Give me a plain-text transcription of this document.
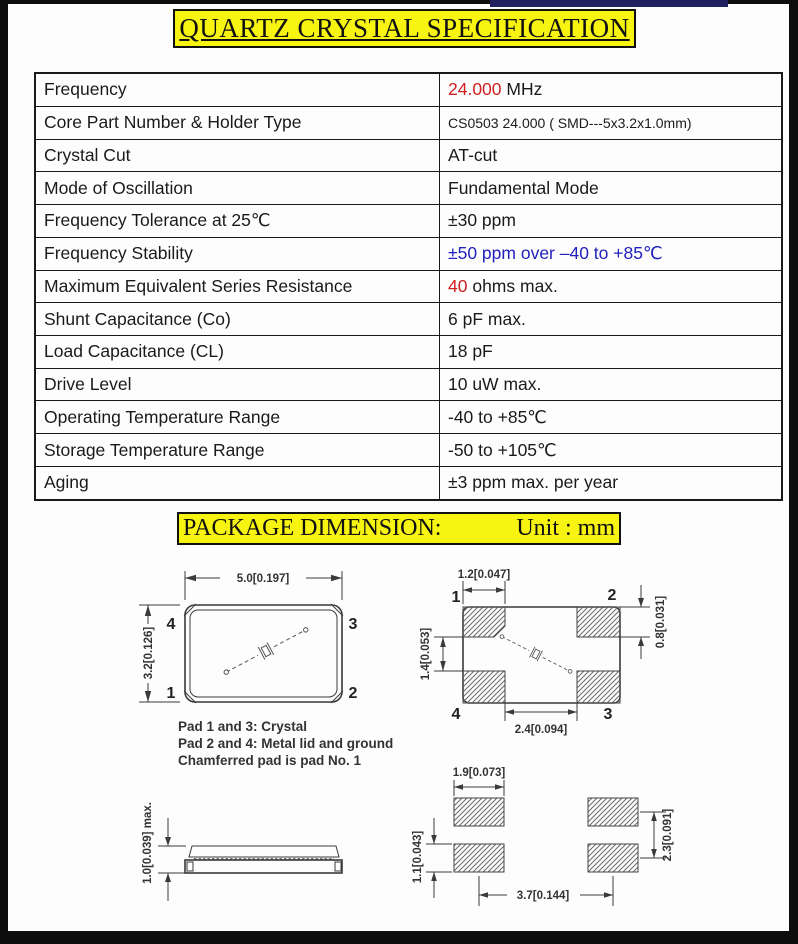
QUARTZ CRYSTAL SPECIFICATION
Frequency	24.000 MHz
Core Part Number & Holder Type	CS0503 24.000 ( SMD---5x3.2x1.0mm)
Crystal Cut	AT-cut
Mode of Oscillation	Fundamental Mode
Frequency Tolerance at 25℃	±30 ppm
Frequency Stability	±50 ppm over –40 to +85℃
Maximum Equivalent Series Resistance	40 ohms max.
Shunt Capacitance (Co)	6 pF max.
Load Capacitance (CL)	18 pF
Drive Level	10 uW max.
Operating Temperature Range	-40 to +85℃
Storage Temperature Range	-50 to +105℃
Aging	±3 ppm max. per year
PACKAGE DIMENSION:	Unit : mm
5.0[0.197]
3.2[0.126]
4	3
1	2
Pad 1 and 3: Crystal
Pad 2 and 4: Metal lid and ground
Chamferred pad is pad No. 1
1	2
4	3
1.2[0.047]
0.8[0.031]
1.4[0.053]
2.4[0.094]
1.0[0.039] max.
1.9[0.073]
3.7[0.144]
2.3[0.091]
1.1[0.043]
